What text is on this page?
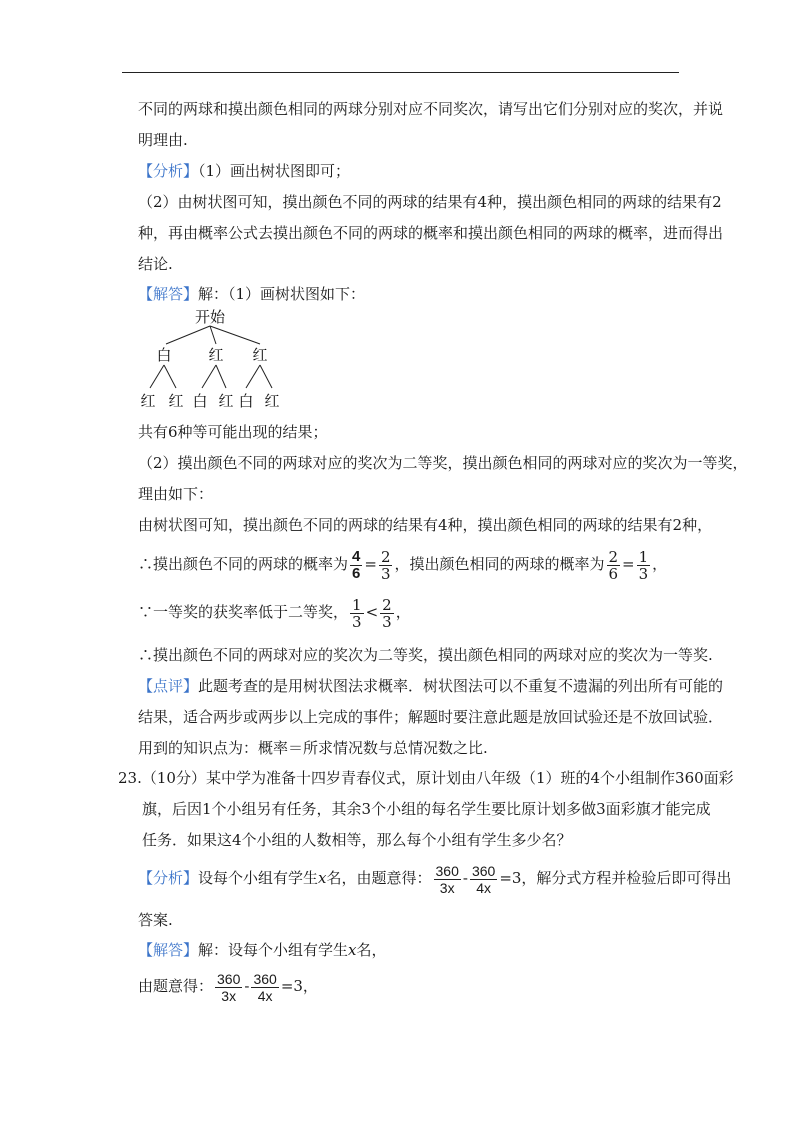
不同的两球和摸出颜色相同的两球分别对应不同奖次，请写出它们分别对应的奖次，并说
明理由.
【分析】（1）画出树状图即可；
（2）由树状图可知，摸出颜色不同的两球的结果有4种，摸出颜色相同的两球的结果有2
种，再由概率公式去摸出颜色不同的两球的概率和摸出颜色相同的两球的概率，进而得出
结论.
【解答】解：（1）画树状图如下：
开始
白 红 红
红 红 白 红 白 红
共有6种等可能出现的结果；
（2）摸出颜色不同的两球对应的奖次为二等奖，摸出颜色相同的两球对应的奖次为一等奖，
理由如下：
由树状图可知，摸出颜色不同的两球的结果有4种，摸出颜色相同的两球的结果有2种，
∴摸出颜色不同的两球的概率为 $\frac{4}{6} = \frac{2}{3}$ ，摸出颜色相同的两球的概率为 $\frac{2}{6} = \frac{1}{3}$ ，
∵一等奖的获奖率低于二等奖， $\frac{1}{3} < \frac{2}{3}$ ，
∴摸出颜色不同的两球对应的奖次为二等奖，摸出颜色相同的两球对应的奖次为一等奖.
【点评】此题考查的是用树状图法求概率．树状图法可以不重复不遗漏的列出所有可能的
结果，适合两步或两步以上完成的事件；解题时要注意此题是放回试验还是不放回试验．
用到的知识点为：概率＝所求情况数与总情况数之比.
23.（10分）某中学为准备十四岁青春仪式，原计划由八年级（1）班的4个小组制作360面彩
旗，后因1个小组另有任务，其余3个小组的每名学生要比原计划多做3面彩旗才能完成
任务．如果这4个小组的人数相等，那么每个小组有学生多少名？
【分析】设每个小组有学生x名，由题意得： $\frac{360}{3x} - \frac{360}{4x} =3$，解分式方程并检验后即可得出
答案.
【解答】解：设每个小组有学生x名，
由题意得： $\frac{360}{3x} - \frac{360}{4x} =3$，
